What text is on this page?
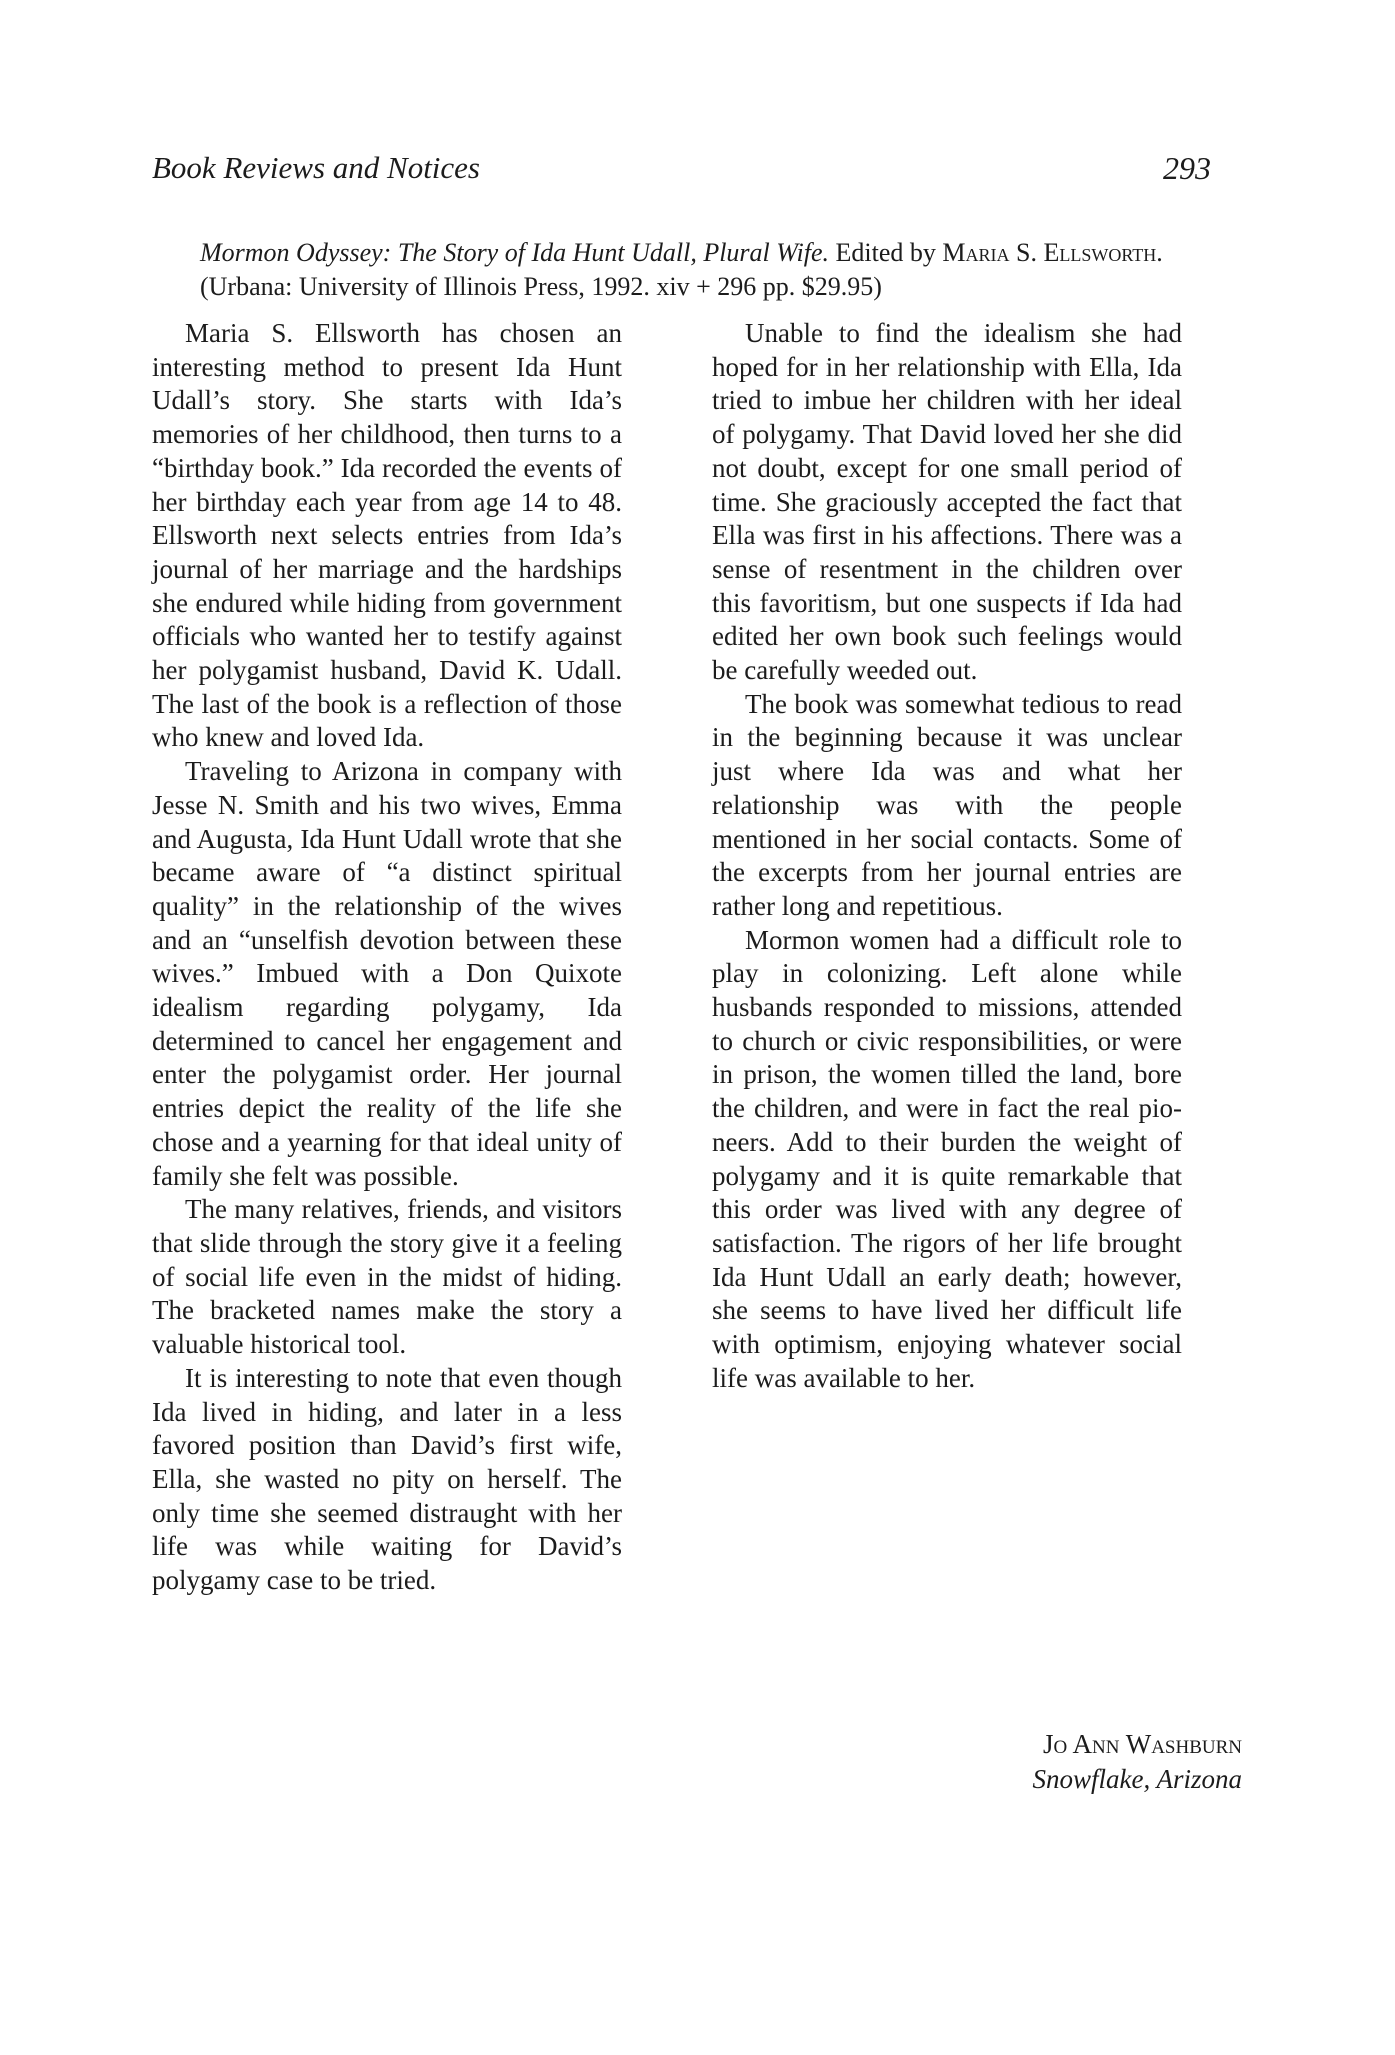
Book Reviews and Notices	293
Mormon Odyssey: The Story of Ida Hunt Udall, Plural Wife. Edited by Maria S. Ellsworth. (Urbana: University of Illinois Press, 1992. xiv + 296 pp. $29.95)

Maria S. Ellsworth has chosen an interesting method to present Ida Hunt Udall’s story. She starts with Ida’s memories of her childhood, then turns to a “birthday book.” Ida recorded the events of her birthday each year from age 14 to 48. Ellsworth next selects entries from Ida’s journal of her marriage and the hardships she endured while hiding from government officials who wanted her to testify against her polygamist husband, David K. Udall. The last of the book is a reflection of those who knew and loved Ida.

Traveling to Arizona in company with Jesse N. Smith and his two wives, Emma and Augusta, Ida Hunt Udall wrote that she became aware of “a distinct spiritual quality” in the relationship of the wives and an “unselfish devotion between these wives.” Imbued with a Don Quixote idealism regarding polygamy, Ida determined to cancel her engagement and enter the polygamist order. Her journal entries depict the reality of the life she chose and a yearning for that ideal unity of family she felt was possible.

The many relatives, friends, and visitors that slide through the story give it a feeling of social life even in the midst of hiding. The bracketed names make the story a valuable historical tool.

It is interesting to note that even though Ida lived in hiding, and later in a less favored position than David’s first wife, Ella, she wasted no pity on herself. The only time she seemed distraught with her life was while waiting for David’s polygamy case to be tried.

Unable to find the idealism she had hoped for in her relationship with Ella, Ida tried to imbue her children with her ideal of polygamy. That David loved her she did not doubt, except for one small period of time. She graciously accepted the fact that Ella was first in his affections. There was a sense of resentment in the children over this favoritism, but one suspects if Ida had edited her own book such feelings would be carefully weeded out.

The book was somewhat tedious to read in the beginning because it was unclear just where Ida was and what her relationship was with the people mentioned in her social contacts. Some of the excerpts from her journal entries are rather long and repetitious.

Mormon women had a difficult role to play in colonizing. Left alone while husbands responded to missions, attended to church or civic responsibilities, or were in prison, the women tilled the land, bore the children, and were in fact the real pioneers. Add to their burden the weight of polygamy and it is quite remarkable that this order was lived with any degree of satisfaction. The rigors of her life brought Ida Hunt Udall an early death; however, she seems to have lived her difficult life with optimism, enjoying whatever social life was available to her.

Jo Ann Washburn
Snowflake, Arizona
